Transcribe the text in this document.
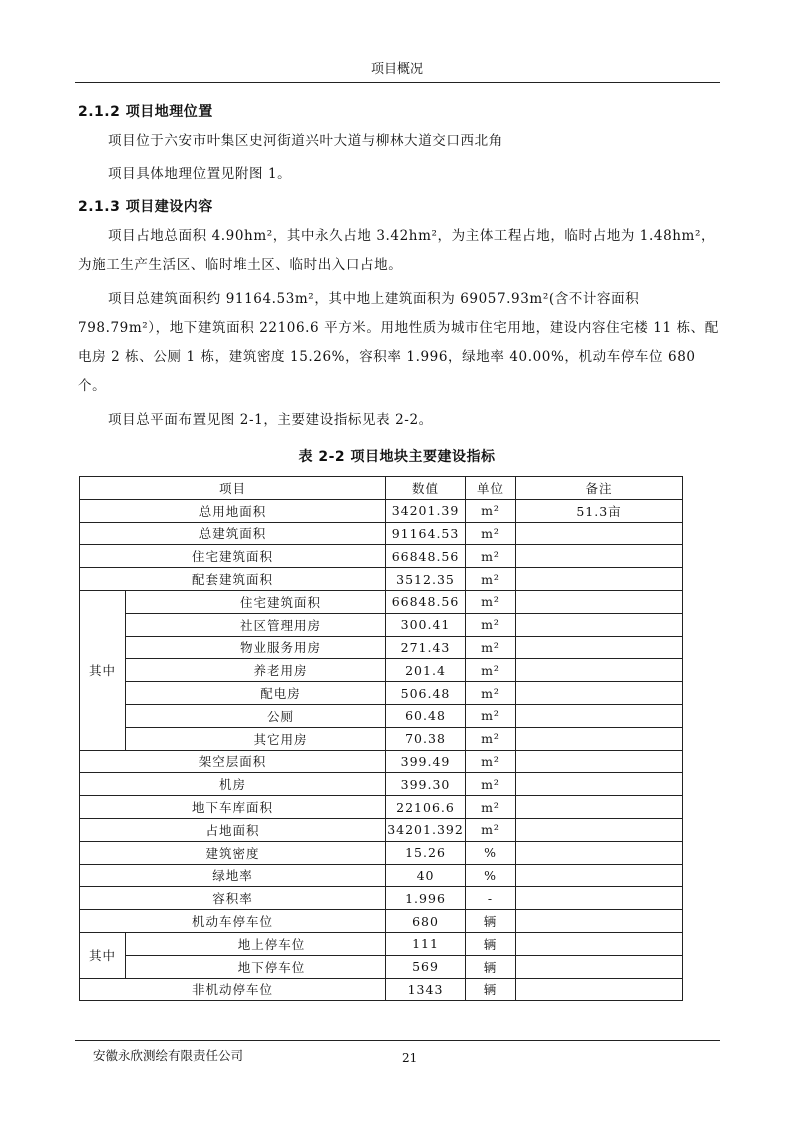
项目概况
2.1.2 项目地理位置
项目位于六安市叶集区史河街道兴叶大道与柳林大道交口西北角
项目具体地理位置见附图 1。
2.1.3 项目建设内容
项目占地总面积 4.90hm²，其中永久占地 3.42hm²，为主体工程占地，临时占地为 1.48hm²，为施工生产生活区、临时堆土区、临时出入口占地。
项目总建筑面积约 91164.53m²，其中地上建筑面积为 69057.93m²(含不计容面积 798.79m²），地下建筑面积 22106.6 平方米。用地性质为城市住宅用地，建设内容住宅楼 11 栋、配电房 2 栋、公厕 1 栋，建筑密度 15.26%，容积率 1.996，绿地率 40.00%，机动车停车位 680 个。
项目总平面布置见图 2-1，主要建设指标见表 2-2。
表 2-2 项目地块主要建设指标
项目		数值	单位	备注
总用地面积		34201.39	m²	51.3亩
总建筑面积		91164.53	m²	
住宅建筑面积		66848.56	m²	
配套建筑面积		3512.35	m²	
其中	住宅建筑面积	66848.56	m²	
	社区管理用房	300.41	m²	
	物业服务用房	271.43	m²	
	养老用房	201.4	m²	
	配电房	506.48	m²	
	公厕	60.48	m²	
	其它用房	70.38	m²	
架空层面积		399.49	m²	
机房		399.30	m²	
地下车库面积		22106.6	m²	
占地面积		34201.392	m²	
建筑密度		15.26	%	
绿地率		40	%	
容积率		1.996	-	
机动车停车位		680	辆	
其中	地上停车位	111	辆	
	地下停车位	569	辆	
非机动停车位		1343	辆	
安徽永欣测绘有限责任公司	21
